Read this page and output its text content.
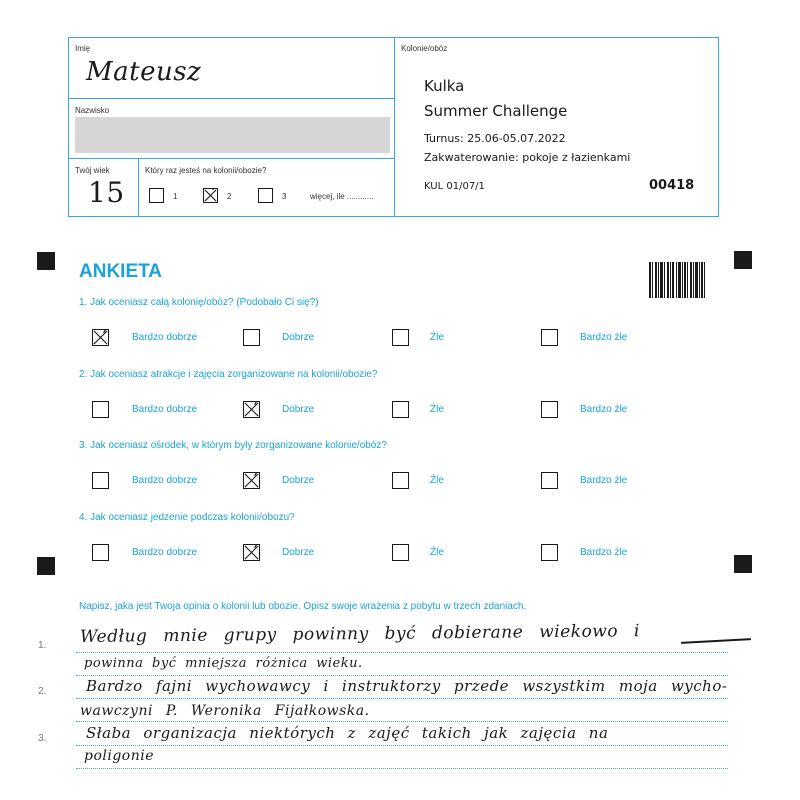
Imię
Mateusz
Nazwisko
Twój wiek
15
Który raz jesteś na kolonii/obozie?
1	2	3	więcej, ile ............
Kolonie/obóz
Kulka
Summer Challenge
Turnus: 25.06-05.07.2022
Zakwaterowanie: pokoje z łazienkami
KUL 01/07/1	00418
ANKIETA
1. Jak oceniasz całą kolonię/obóz? (Podobało Ci się?)
Bardzo dobrze	Dobrze	Źle	Bardzo źle
2. Jak oceniasz atrakcje i zajęcia zorganizowane na kolonii/obozie?
Bardzo dobrze	Dobrze	Źle	Bardzo źle
3. Jak oceniasz ośrodek, w którym były zorganizowane kolonie/obóz?
Bardzo dobrze	Dobrze	Źle	Bardzo źle
4. Jak oceniasz jedzenie podczas kolonii/obozu?
Bardzo dobrze	Dobrze	Źle	Bardzo źle
Napisz, jaka jest Twoja opinia o kolonii lub obozie. Opisz swoje wrażenia z pobytu w trzech zdaniach.
1.
2.
3.
Według mnie grupy powinny być dobierane wiekowo i
powinna być mniejsza różnica wieku.
Bardzo fajni wychowawcy i instruktorzy przede wszystkim moja wycho-
wawczyni P. Weronika Fijałkowska.
Słaba organizacja niektórych z zajęć takich jak zajęcia na
poligonie
